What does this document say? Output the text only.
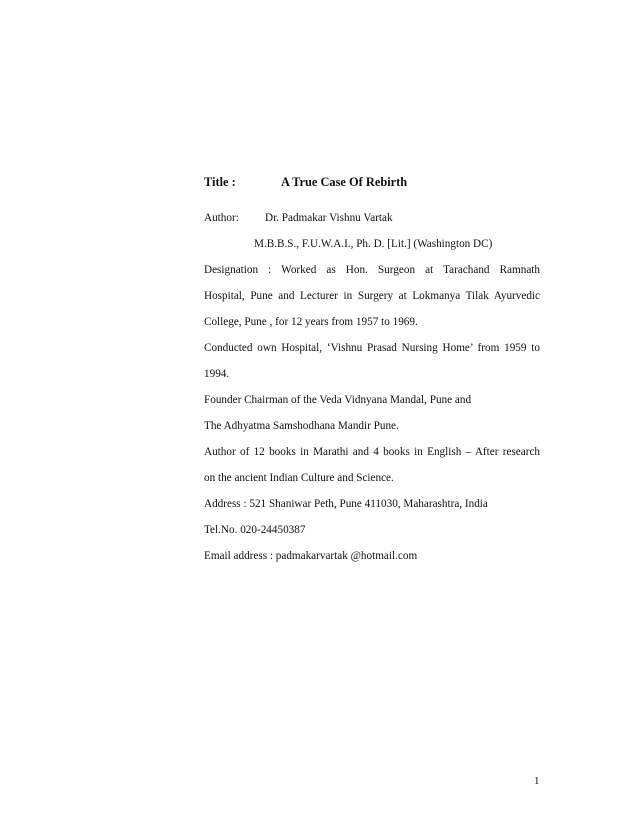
Title :	A True Case Of Rebirth
Author: Dr. Padmakar Vishnu Vartak
M.B.B.S., F.U.W.A.I., Ph. D. [Lit.] (Washington DC)
Designation : Worked as Hon. Surgeon at Tarachand Ramnath
Hospital, Pune and Lecturer in Surgery at Lokmanya Tilak Ayurvedic
College, Pune , for 12 years from 1957 to 1969.
Conducted own Hospital, ‘Vishnu Prasad Nursing Home’ from 1959 to
1994.
Founder Chairman of the Veda Vidnyana Mandal, Pune and
The Adhyatma Samshodhana Mandir Pune.
Author of 12 books in Marathi and 4 books in English – After research
on the ancient Indian Culture and Science.
Address : 521 Shaniwar Peth, Pune 411030, Maharashtra, India
Tel.No. 020-24450387
Email address : padmakarvartak @hotmail.com
1
